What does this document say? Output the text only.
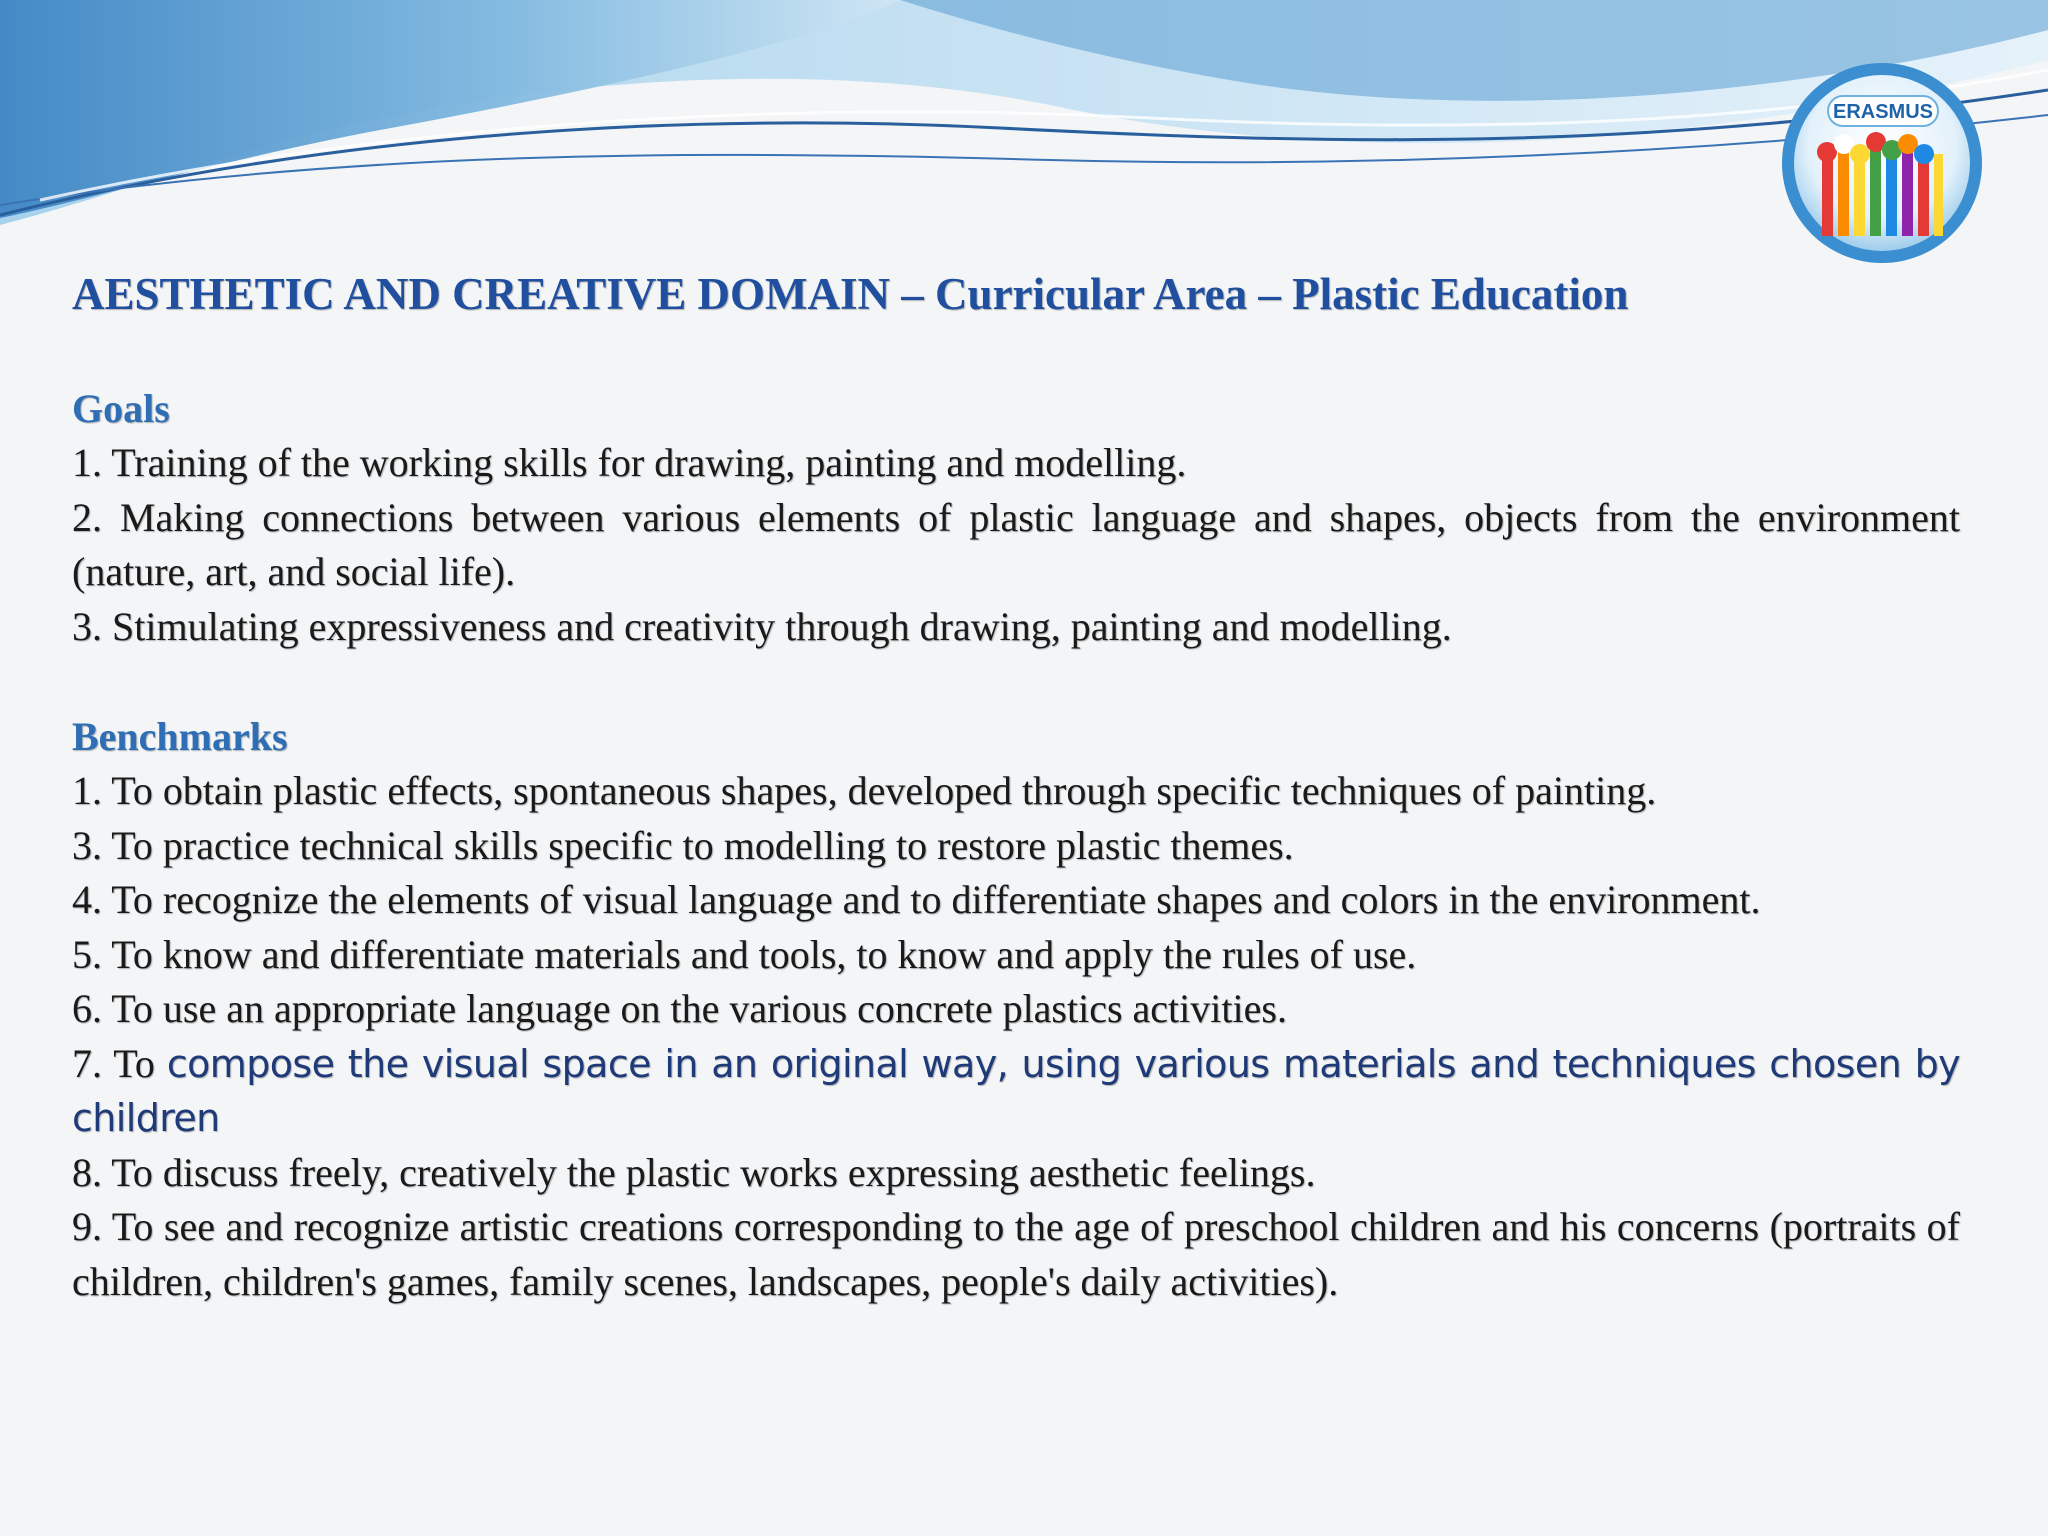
ERASMUS
AESTHETIC AND CREATIVE DOMAIN – Curricular Area – Plastic Education
Goals
1. Training of the working skills for drawing, painting and modelling.
2. Making connections between various elements of plastic language and shapes, objects from the environment (nature, art, and social life).
3. Stimulating expressiveness and creativity through drawing, painting and modelling.
Benchmarks
1. To obtain plastic effects, spontaneous shapes, developed through specific techniques of painting.
3. To practice technical skills specific to modelling to restore plastic themes.
4. To recognize the elements of visual language and to differentiate shapes and colors in the environment.
5. To know and differentiate materials and tools, to know and apply the rules of use.
6. To use an appropriate language on the various concrete plastics activities.
7. To compose the visual space in an original way, using various materials and techniques chosen by children
8. To discuss freely, creatively the plastic works expressing aesthetic feelings.
9. To see and recognize artistic creations corresponding to the age of preschool children and his concerns (portraits of children, children's games, family scenes, landscapes, people's daily activities).
